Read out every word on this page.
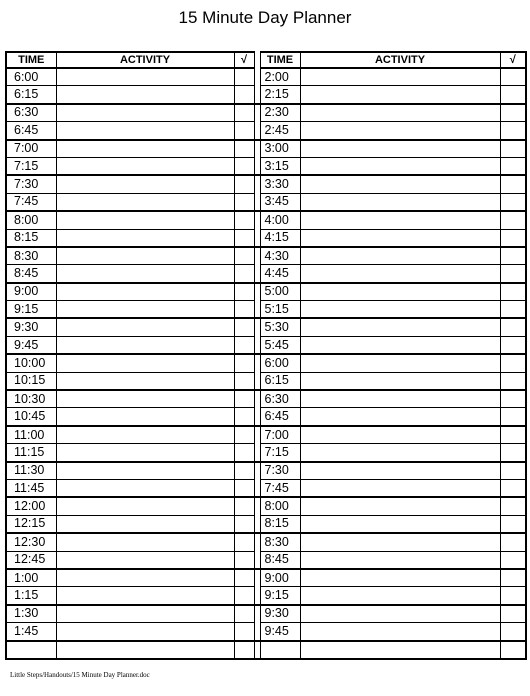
15 Minute Day Planner
TIME	ACTIVITY	√		TIME	ACTIVITY	√
6:00				2:00		
6:15				2:15		
6:30				2:30		
6:45				2:45		
7:00				3:00		
7:15				3:15		
7:30				3:30		
7:45				3:45		
8:00				4:00		
8:15				4:15		
8:30				4:30		
8:45				4:45		
9:00				5:00		
9:15				5:15		
9:30				5:30		
9:45				5:45		
10:00				6:00		
10:15				6:15		
10:30				6:30		
10:45				6:45		
11:00				7:00		
11:15				7:15		
11:30				7:30		
11:45				7:45		
12:00				8:00		
12:15				8:15		
12:30				8:30		
12:45				8:45		
1:00				9:00		
1:15				9:15		
1:30				9:30		
1:45				9:45		

Little Steps/Handouts/15 Minute Day Planner.doc
